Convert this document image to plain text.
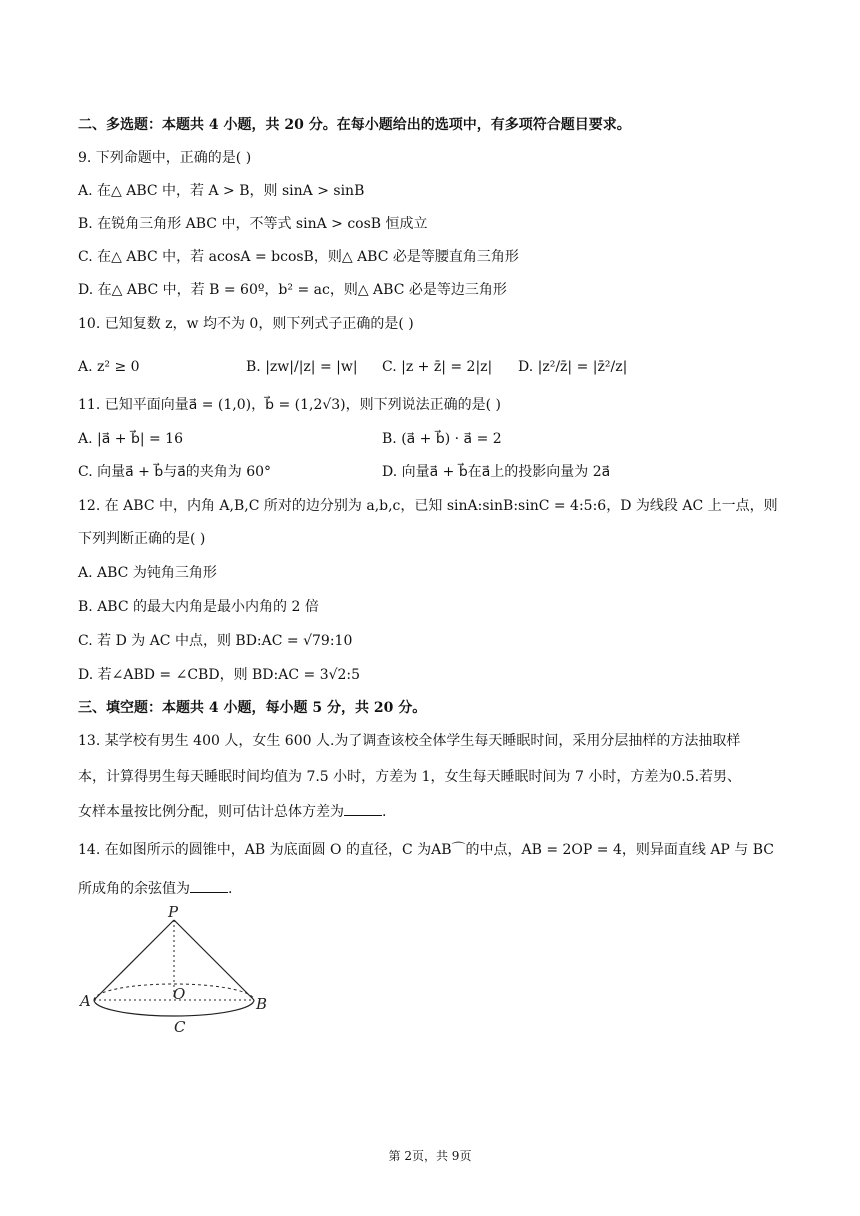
二、多选题：本题共 4 小题，共 20 分。在每小题给出的选项中，有多项符合题目要求。
9. 下列命题中，正确的是( )
A. 在△ ABC 中，若 A > B，则 sinA > sinB
B. 在锐角三角形 ABC 中，不等式 sinA > cosB 恒成立
C. 在△ ABC 中，若 acosA = bcosB，则△ ABC 必是等腰直角三角形
D. 在△ ABC 中，若 B = 60º，b² = ac，则△ ABC 必是等边三角形
10. 已知复数 z，w 均不为 0，则下列式子正确的是( )
11. 已知平面向量a⃗ = (1,0)，b⃗ = (1,2√3)，则下列说法正确的是( )
12. 在 ABC 中，内角 A,B,C 所对的边分别为 a,b,c，已知 sinA:sinB:sinC = 4:5:6，D 为线段 AC 上一点，则
下列判断正确的是( )
A. ABC 为钝角三角形
B. ABC 的最大内角是最小内角的 2 倍
C. 若 D 为 AC 中点，则 BD:AC = √79:10
D. 若∠ABD = ∠CBD，则 BD:AC = 3√2:5
三、填空题：本题共 4 小题，每小题 5 分，共 20 分。
13. 某学校有男生 400 人，女生 600 人.为了调查该校全体学生每天睡眠时间，采用分层抽样的方法抽取样
本，计算得男生每天睡眠时间均值为 7.5 小时，方差为 1，女生每天睡眠时间为 7 小时，方差为0.5.若男、
女样本量按比例分配，则可估计总体方差为	.
14. 在如图所示的圆锥中，AB 为底面圆 O 的直径，C 为AB⌒的中点，AB = 2OP = 4，则异面直线 AP 与 BC
所成角的余弦值为	.
A. z² ≥ 0	B. |zw|/|z| = |w| C. |z + z̄| = 2|z| D. |z²/z̄| = |z̄²/z|
A. |a⃗ + b⃗| = 16	B. (a⃗ + b⃗) · a⃗ = 2
C. 向量a⃗ + b⃗与a⃗的夹角为 60°	D. 向量a⃗ + b⃗在a⃗上的投影向量为 2a⃗
P
O
A	B
C
第 2页，共 9页
